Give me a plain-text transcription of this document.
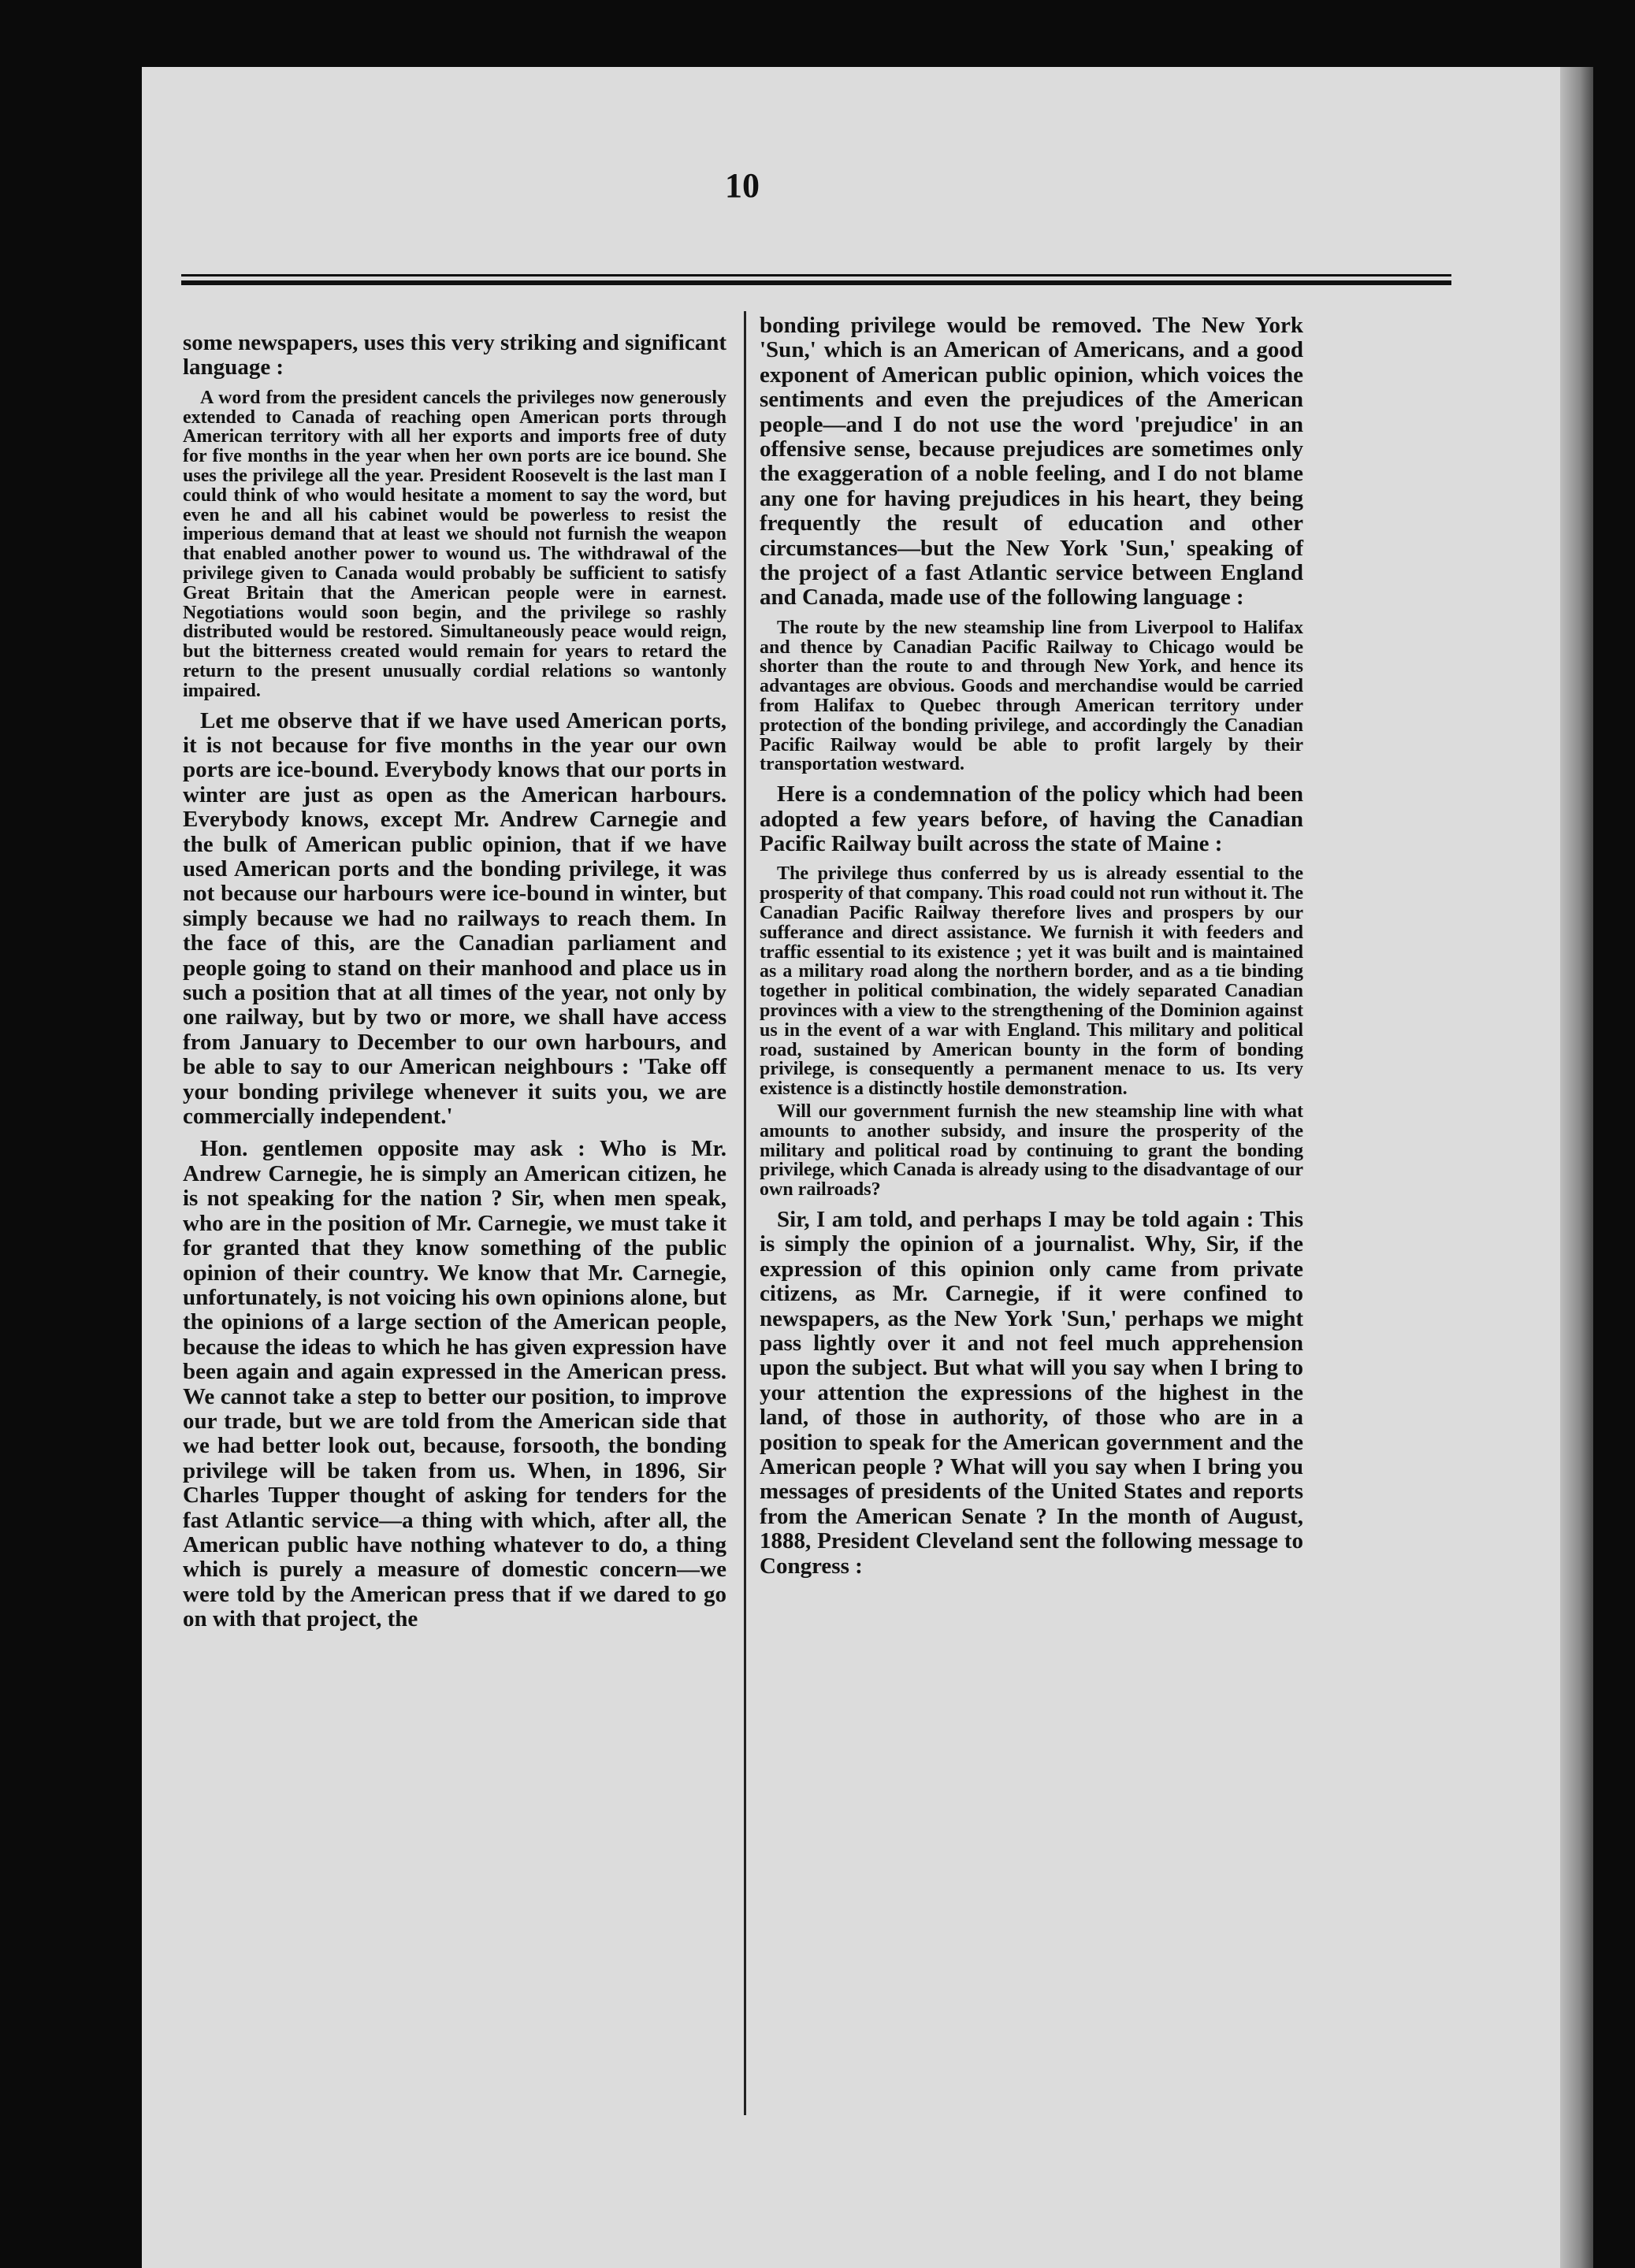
10

some newspapers, uses this very striking and significant language :

A word from the president cancels the privileges now generously extended to Canada of reaching open American ports through American territory with all her exports and imports free of duty for five months in the year when her own ports are ice bound. She uses the privilege all the year. President Roosevelt is the last man I could think of who would hesitate a moment to say the word, but even he and all his cabinet would be powerless to resist the imperious demand that at least we should not furnish the weapon that enabled another power to wound us. The withdrawal of the privilege given to Canada would probably be sufficient to satisfy Great Britain that the American people were in earnest. Negotiations would soon begin, and the privilege so rashly distributed would be restored. Simultaneously peace would reign, but the bitterness created would remain for years to retard the return to the present unusually cordial relations so wantonly impaired.

Let me observe that if we have used American ports, it is not because for five months in the year our own ports are ice-bound. Everybody knows that our ports in winter are just as open as the American harbours. Everybody knows, except Mr. Andrew Carnegie and the bulk of American public opinion, that if we have used American ports and the bonding privilege, it was not because our harbours were ice-bound in winter, but simply because we had no railways to reach them. In the face of this, are the Canadian parliament and people going to stand on their manhood and place us in such a position that at all times of the year, not only by one railway, but by two or more, we shall have access from January to December to our own harbours, and be able to say to our American neighbours : 'Take off your bonding privilege whenever it suits you, we are commercially independent.'

Hon. gentlemen opposite may ask : Who is Mr. Andrew Carnegie, he is simply an American citizen, he is not speaking for the nation ? Sir, when men speak, who are in the position of Mr. Carnegie, we must take it for granted that they know something of the public opinion of their country. We know that Mr. Carnegie, unfortunately, is not voicing his own opinions alone, but the opinions of a large section of the American people, because the ideas to which he has given expression have been again and again expressed in the American press. We cannot take a step to better our position, to improve our trade, but we are told from the American side that we had better look out, because, forsooth, the bonding privilege will be taken from us. When, in 1896, Sir Charles Tupper thought of asking for tenders for the fast Atlantic service—a thing with which, after all, the American public have nothing whatever to do, a thing which is purely a measure of domestic concern—we were told by the American press that if we dared to go on with that project, the

bonding privilege would be removed. The New York 'Sun,' which is an American of Americans, and a good exponent of American public opinion, which voices the sentiments and even the prejudices of the American people—and I do not use the word 'prejudice' in an offensive sense, because prejudices are sometimes only the exaggeration of a noble feeling, and I do not blame any one for having prejudices in his heart, they being frequently the result of education and other circumstances—but the New York 'Sun,' speaking of the project of a fast Atlantic service between England and Canada, made use of the following language :

The route by the new steamship line from Liverpool to Halifax and thence by Canadian Pacific Railway to Chicago would be shorter than the route to and through New York, and hence its advantages are obvious. Goods and merchandise would be carried from Halifax to Quebec through American territory under protection of the bonding privilege, and accordingly the Canadian Pacific Railway would be able to profit largely by their transportation westward.

Here is a condemnation of the policy which had been adopted a few years before, of having the Canadian Pacific Railway built across the state of Maine :

The privilege thus conferred by us is already essential to the prosperity of that company. This road could not run without it. The Canadian Pacific Railway therefore lives and prospers by our sufferance and direct assistance. We furnish it with feeders and traffic essential to its existence ; yet it was built and is maintained as a military road along the northern border, and as a tie binding together in political combination, the widely separated Canadian provinces with a view to the strengthening of the Dominion against us in the event of a war with England. This military and political road, sustained by American bounty in the form of bonding privilege, is consequently a permanent menace to us. Its very existence is a distinctly hostile demonstration.

Will our government furnish the new steamship line with what amounts to another subsidy, and insure the prosperity of the military and political road by continuing to grant the bonding privilege, which Canada is already using to the disadvantage of our own railroads?

Sir, I am told, and perhaps I may be told again : This is simply the opinion of a journalist. Why, Sir, if the expression of this opinion only came from private citizens, as Mr. Carnegie, if it were confined to newspapers, as the New York 'Sun,' perhaps we might pass lightly over it and not feel much apprehension upon the subject. But what will you say when I bring to your attention the expressions of the highest in the land, of those in authority, of those who are in a position to speak for the American government and the American people ? What will you say when I bring you messages of presidents of the United States and reports from the American Senate ? In the month of August, 1888, President Cleveland sent the following message to Congress :
